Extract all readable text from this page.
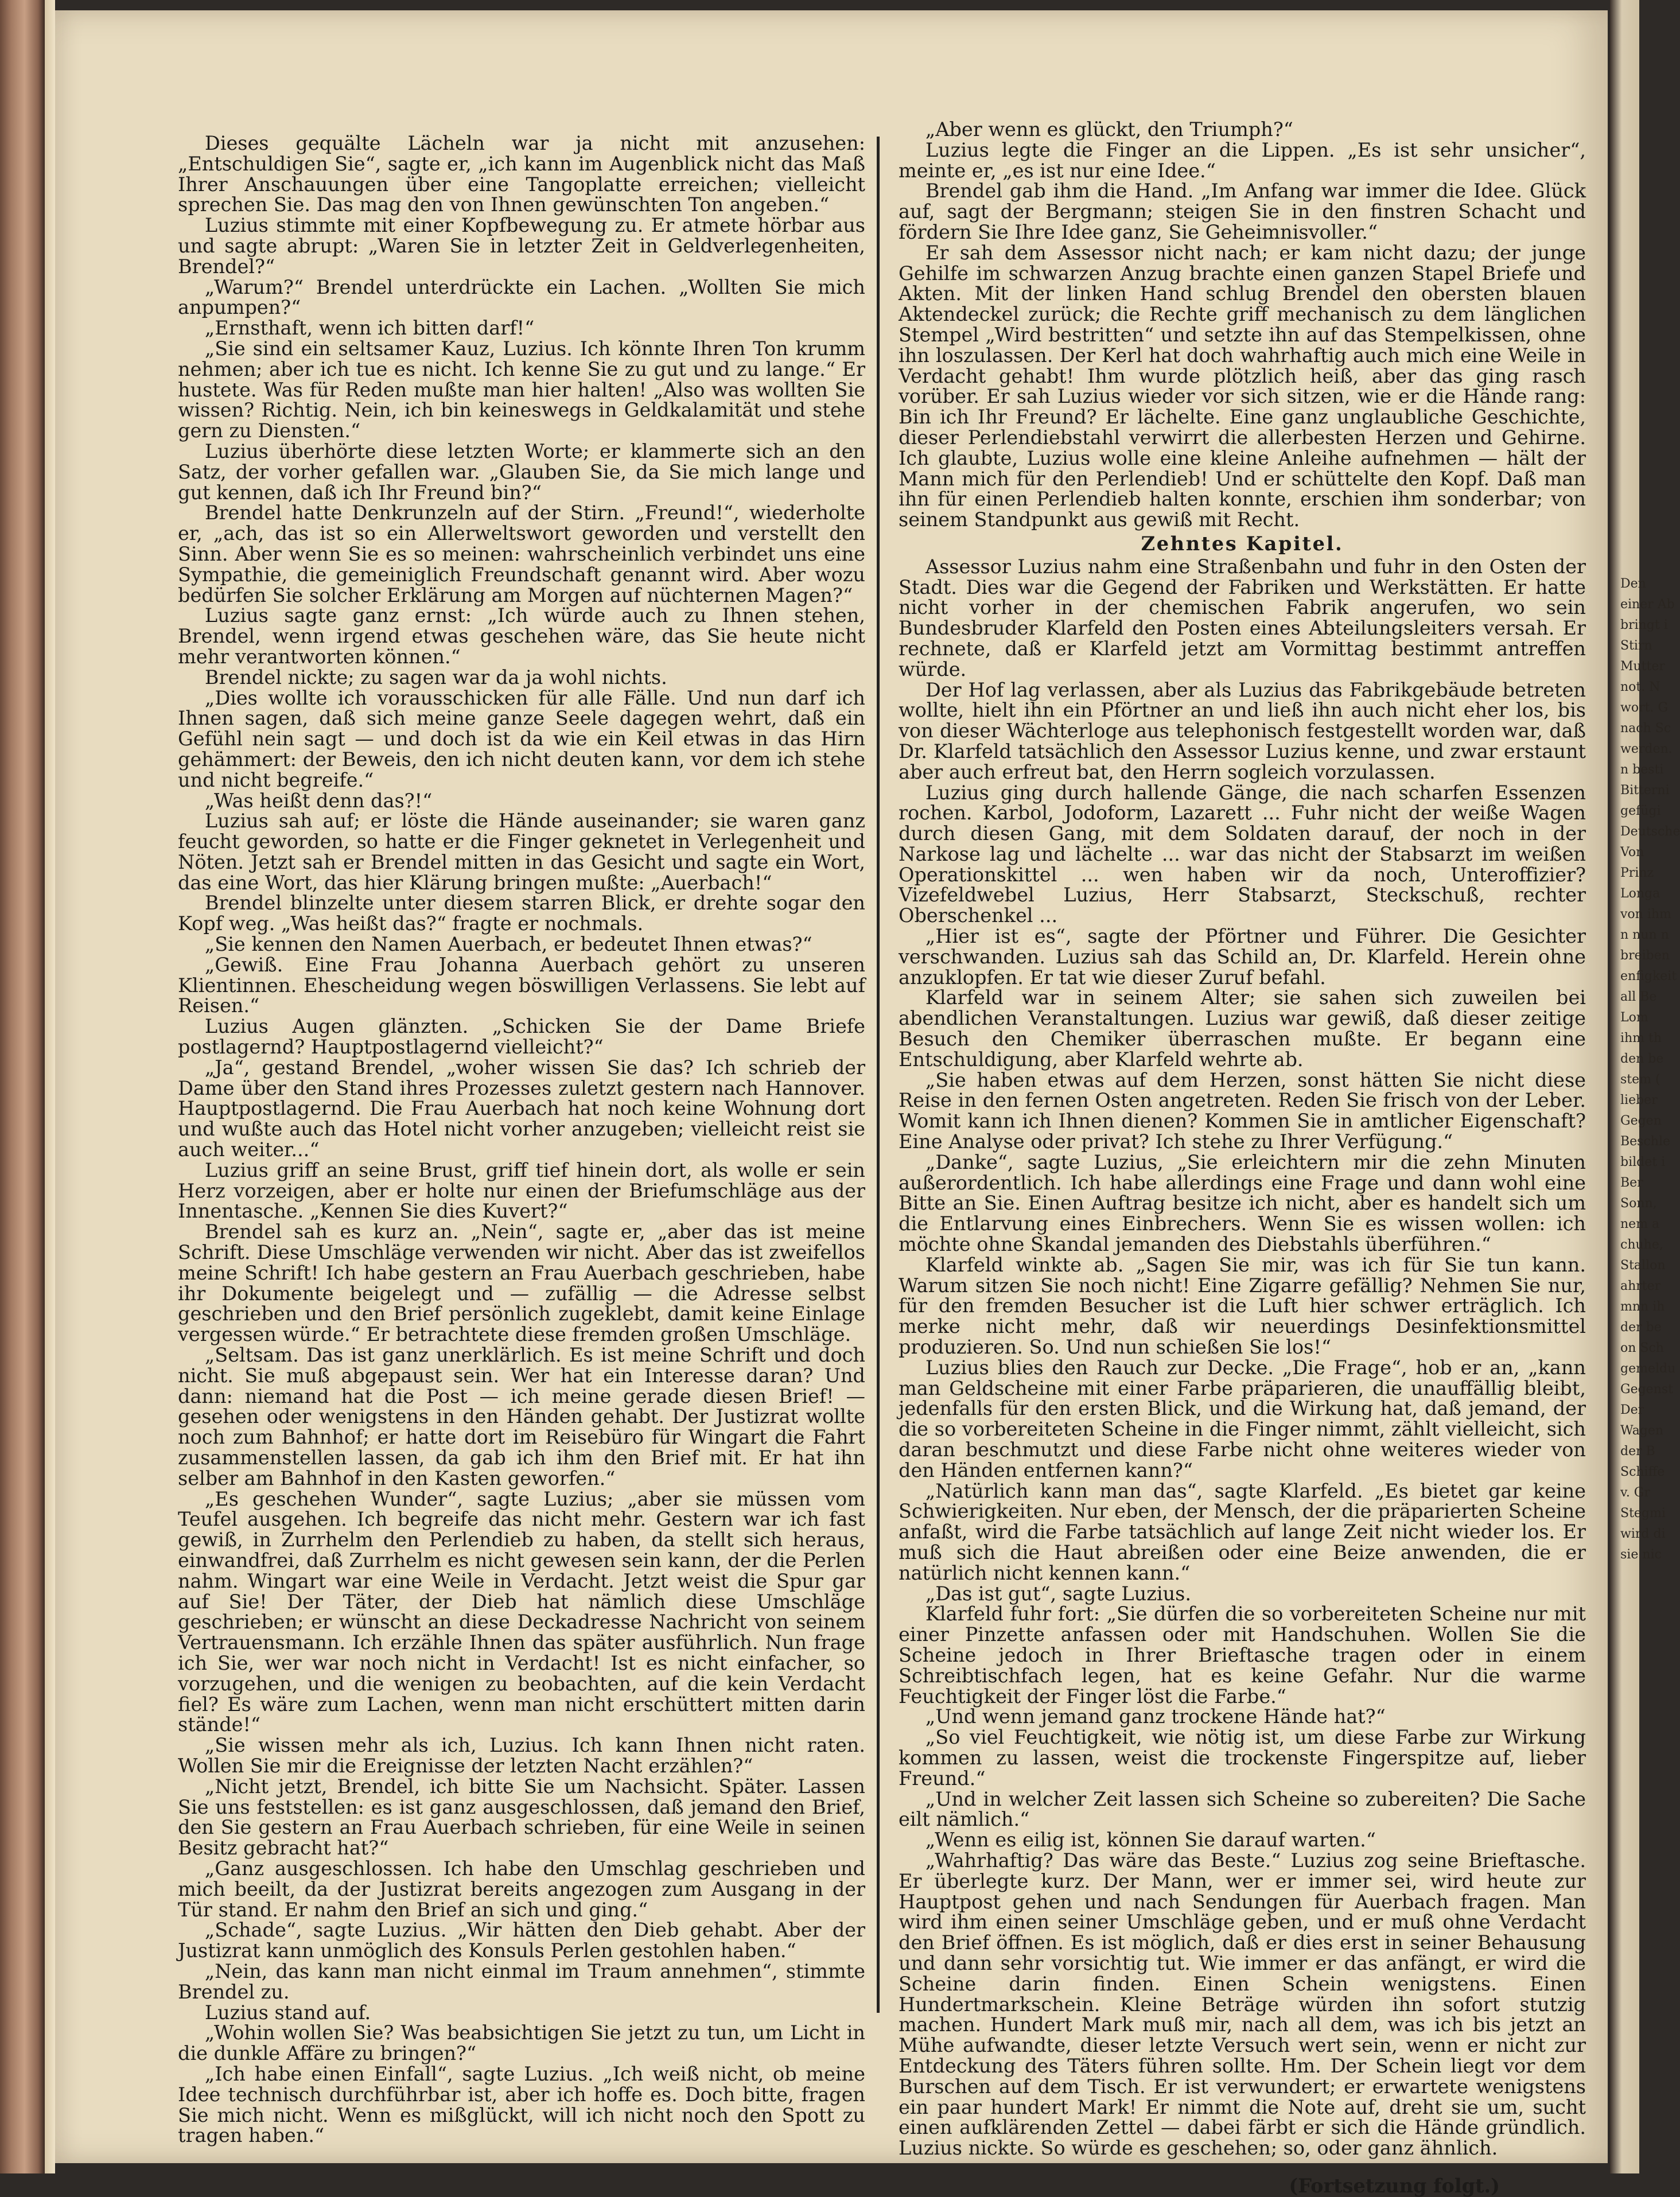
Dieses gequälte Lächeln war ja nicht mit anzusehen: „Entschuldigen Sie“, sagte er, „ich kann im Augenblick nicht das Maß Ihrer Anschauungen über eine Tangoplatte erreichen; vielleicht sprechen Sie. Das mag den von Ihnen gewünschten Ton angeben.“

Luzius stimmte mit einer Kopfbewegung zu. Er atmete hörbar aus und sagte abrupt: „Waren Sie in letzter Zeit in Geldverlegenheiten, Brendel?“

„Warum?“ Brendel unterdrückte ein Lachen. „Wollten Sie mich anpumpen?“

„Ernsthaft, wenn ich bitten darf!“

„Sie sind ein seltsamer Kauz, Luzius. Ich könnte Ihren Ton krumm nehmen; aber ich tue es nicht. Ich kenne Sie zu gut und zu lange.“ Er hustete. Was für Reden mußte man hier halten! „Also was wollten Sie wissen? Richtig. Nein, ich bin keineswegs in Geldkalamität und stehe gern zu Diensten.“

Luzius überhörte diese letzten Worte; er klammerte sich an den Satz, der vorher gefallen war. „Glauben Sie, da Sie mich lange und gut kennen, daß ich Ihr Freund bin?“

Brendel hatte Denkrunzeln auf der Stirn. „Freund!“, wiederholte er, „ach, das ist so ein Allerweltswort geworden und verstellt den Sinn. Aber wenn Sie es so meinen: wahrscheinlich verbindet uns eine Sympathie, die gemeiniglich Freundschaft genannt wird. Aber wozu bedürfen Sie solcher Erklärung am Morgen auf nüchternen Magen?“

Luzius sagte ganz ernst: „Ich würde auch zu Ihnen stehen, Brendel, wenn irgend etwas geschehen wäre, das Sie heute nicht mehr verantworten können.“

Brendel nickte; zu sagen war da ja wohl nichts.

„Dies wollte ich vorausschicken für alle Fälle. Und nun darf ich Ihnen sagen, daß sich meine ganze Seele dagegen wehrt, daß ein Gefühl nein sagt — und doch ist da wie ein Keil etwas in das Hirn gehämmert: der Beweis, den ich nicht deuten kann, vor dem ich stehe und nicht begreife.“

„Was heißt denn das?!“

Luzius sah auf; er löste die Hände auseinander; sie waren ganz feucht geworden, so hatte er die Finger geknetet in Verlegenheit und Nöten. Jetzt sah er Brendel mitten in das Gesicht und sagte ein Wort, das eine Wort, das hier Klärung bringen mußte: „Auerbach!“

Brendel blinzelte unter diesem starren Blick, er drehte sogar den Kopf weg. „Was heißt das?“ fragte er nochmals.

„Sie kennen den Namen Auerbach, er bedeutet Ihnen etwas?“

„Gewiß. Eine Frau Johanna Auerbach gehört zu unseren Klientinnen. Ehescheidung wegen böswilligen Verlassens. Sie lebt auf Reisen.“

Luzius Augen glänzten. „Schicken Sie der Dame Briefe postlagernd? Hauptpostlagernd vielleicht?“

„Ja“, gestand Brendel, „woher wissen Sie das? Ich schrieb der Dame über den Stand ihres Prozesses zuletzt gestern nach Hannover. Hauptpostlagernd. Die Frau Auerbach hat noch keine Wohnung dort und wußte auch das Hotel nicht vorher anzugeben; vielleicht reist sie auch weiter...“

Luzius griff an seine Brust, griff tief hinein dort, als wolle er sein Herz vorzeigen, aber er holte nur einen der Briefumschläge aus der Innentasche. „Kennen Sie dies Kuvert?“

Brendel sah es kurz an. „Nein“, sagte er, „aber das ist meine Schrift. Diese Umschläge verwenden wir nicht. Aber das ist zweifellos meine Schrift! Ich habe gestern an Frau Auerbach geschrieben, habe ihr Dokumente beigelegt und — zufällig — die Adresse selbst geschrieben und den Brief persönlich zugeklebt, damit keine Einlage vergessen würde.“ Er betrachtete diese fremden großen Umschläge.

„Seltsam. Das ist ganz unerklärlich. Es ist meine Schrift und doch nicht. Sie muß abgepaust sein. Wer hat ein Interesse daran? Und dann: niemand hat die Post — ich meine gerade diesen Brief! — gesehen oder wenigstens in den Händen gehabt. Der Justizrat wollte noch zum Bahnhof; er hatte dort im Reisebüro für Wingart die Fahrt zusammenstellen lassen, da gab ich ihm den Brief mit. Er hat ihn selber am Bahnhof in den Kasten geworfen.“

„Es geschehen Wunder“, sagte Luzius; „aber sie müssen vom Teufel ausgehen. Ich begreife das nicht mehr. Gestern war ich fast gewiß, in Zurrhelm den Perlendieb zu haben, da stellt sich heraus, einwandfrei, daß Zurrhelm es nicht gewesen sein kann, der die Perlen nahm. Wingart war eine Weile in Verdacht. Jetzt weist die Spur gar auf Sie! Der Täter, der Dieb hat nämlich diese Umschläge geschrieben; er wünscht an diese Deckadresse Nachricht von seinem Vertrauensmann. Ich erzähle Ihnen das später ausführlich. Nun frage ich Sie, wer war noch nicht in Verdacht! Ist es nicht einfacher, so vorzugehen, und die wenigen zu beobachten, auf die kein Verdacht fiel? Es wäre zum Lachen, wenn man nicht erschüttert mitten darin stände!“

„Sie wissen mehr als ich, Luzius. Ich kann Ihnen nicht raten. Wollen Sie mir die Ereignisse der letzten Nacht erzählen?“

„Nicht jetzt, Brendel, ich bitte Sie um Nachsicht. Später. Lassen Sie uns feststellen: es ist ganz ausgeschlossen, daß jemand den Brief, den Sie gestern an Frau Auerbach schrieben, für eine Weile in seinen Besitz gebracht hat?“

„Ganz ausgeschlossen. Ich habe den Umschlag geschrieben und mich beeilt, da der Justizrat bereits angezogen zum Ausgang in der Tür stand. Er nahm den Brief an sich und ging.“

„Schade“, sagte Luzius. „Wir hätten den Dieb gehabt. Aber der Justizrat kann unmöglich des Konsuls Perlen gestohlen haben.“

„Nein, das kann man nicht einmal im Traum annehmen“, stimmte Brendel zu.

Luzius stand auf.

„Wohin wollen Sie? Was beabsichtigen Sie jetzt zu tun, um Licht in die dunkle Affäre zu bringen?“

„Ich habe einen Einfall“, sagte Luzius. „Ich weiß nicht, ob meine Idee technisch durchführbar ist, aber ich hoffe es. Doch bitte, fragen Sie mich nicht. Wenn es mißglückt, will ich nicht noch den Spott zu tragen haben.“

„Aber wenn es glückt, den Triumph?“

Luzius legte die Finger an die Lippen. „Es ist sehr unsicher“, meinte er, „es ist nur eine Idee.“

Brendel gab ihm die Hand. „Im Anfang war immer die Idee. Glück auf, sagt der Bergmann; steigen Sie in den finstren Schacht und fördern Sie Ihre Idee ganz, Sie Geheimnisvoller.“

Er sah dem Assessor nicht nach; er kam nicht dazu; der junge Gehilfe im schwarzen Anzug brachte einen ganzen Stapel Briefe und Akten. Mit der linken Hand schlug Brendel den obersten blauen Aktendeckel zurück; die Rechte griff mechanisch zu dem länglichen Stempel „Wird bestritten“ und setzte ihn auf das Stempelkissen, ohne ihn loszulassen. Der Kerl hat doch wahrhaftig auch mich eine Weile in Verdacht gehabt! Ihm wurde plötzlich heiß, aber das ging rasch vorüber. Er sah Luzius wieder vor sich sitzen, wie er die Hände rang: Bin ich Ihr Freund? Er lächelte. Eine ganz unglaubliche Geschichte, dieser Perlendiebstahl verwirrt die allerbesten Herzen und Gehirne. Ich glaubte, Luzius wolle eine kleine Anleihe aufnehmen — hält der Mann mich für den Perlendieb! Und er schüttelte den Kopf. Daß man ihn für einen Perlendieb halten konnte, erschien ihm sonderbar; von seinem Standpunkt aus gewiß mit Recht.

Zehntes Kapitel.

Assessor Luzius nahm eine Straßenbahn und fuhr in den Osten der Stadt. Dies war die Gegend der Fabriken und Werkstätten. Er hatte nicht vorher in der chemischen Fabrik angerufen, wo sein Bundesbruder Klarfeld den Posten eines Abteilungsleiters versah. Er rechnete, daß er Klarfeld jetzt am Vormittag bestimmt antreffen würde.

Der Hof lag verlassen, aber als Luzius das Fabrikgebäude betreten wollte, hielt ihn ein Pförtner an und ließ ihn auch nicht eher los, bis von dieser Wächterloge aus telephonisch festgestellt worden war, daß Dr. Klarfeld tatsächlich den Assessor Luzius kenne, und zwar erstaunt aber auch erfreut bat, den Herrn sogleich vorzulassen.

Luzius ging durch hallende Gänge, die nach scharfen Essenzen rochen. Karbol, Jodoform, Lazarett ... Fuhr nicht der weiße Wagen durch diesen Gang, mit dem Soldaten darauf, der noch in der Narkose lag und lächelte ... war das nicht der Stabsarzt im weißen Operationskittel ... wen haben wir da noch, Unteroffizier? Vizefeldwebel Luzius, Herr Stabsarzt, Steckschuß, rechter Oberschenkel ...

„Hier ist es“, sagte der Pförtner und Führer. Die Gesichter verschwanden. Luzius sah das Schild an, Dr. Klarfeld. Herein ohne anzuklopfen. Er tat wie dieser Zuruf befahl.

Klarfeld war in seinem Alter; sie sahen sich zuweilen bei abendlichen Veranstaltungen. Luzius war gewiß, daß dieser zeitige Besuch den Chemiker überraschen mußte. Er begann eine Entschuldigung, aber Klarfeld wehrte ab.

„Sie haben etwas auf dem Herzen, sonst hätten Sie nicht diese Reise in den fernen Osten angetreten. Reden Sie frisch von der Leber. Womit kann ich Ihnen dienen? Kommen Sie in amtlicher Eigenschaft? Eine Analyse oder privat? Ich stehe zu Ihrer Verfügung.“

„Danke“, sagte Luzius, „Sie erleichtern mir die zehn Minuten außerordentlich. Ich habe allerdings eine Frage und dann wohl eine Bitte an Sie. Einen Auftrag besitze ich nicht, aber es handelt sich um die Entlarvung eines Einbrechers. Wenn Sie es wissen wollen: ich möchte ohne Skandal jemanden des Diebstahls überführen.“

Klarfeld winkte ab. „Sagen Sie mir, was ich für Sie tun kann. Warum sitzen Sie noch nicht! Eine Zigarre gefällig? Nehmen Sie nur, für den fremden Besucher ist die Luft hier schwer erträglich. Ich merke nicht mehr, daß wir neuerdings Desinfektionsmittel produzieren. So. Und nun schießen Sie los!“

Luzius blies den Rauch zur Decke. „Die Frage“, hob er an, „kann man Geldscheine mit einer Farbe präparieren, die unauffällig bleibt, jedenfalls für den ersten Blick, und die Wirkung hat, daß jemand, der die so vorbereiteten Scheine in die Finger nimmt, zählt vielleicht, sich daran beschmutzt und diese Farbe nicht ohne weiteres wieder von den Händen entfernen kann?“

„Natürlich kann man das“, sagte Klarfeld. „Es bietet gar keine Schwierigkeiten. Nur eben, der Mensch, der die präparierten Scheine anfaßt, wird die Farbe tatsächlich auf lange Zeit nicht wieder los. Er muß sich die Haut abreißen oder eine Beize anwenden, die er natürlich nicht kennen kann.“

„Das ist gut“, sagte Luzius.

Klarfeld fuhr fort: „Sie dürfen die so vorbereiteten Scheine nur mit einer Pinzette anfassen oder mit Handschuhen. Wollen Sie die Scheine jedoch in Ihrer Brieftasche tragen oder in einem Schreibtischfach legen, hat es keine Gefahr. Nur die warme Feuchtigkeit der Finger löst die Farbe.“

„Und wenn jemand ganz trockene Hände hat?“

„So viel Feuchtigkeit, wie nötig ist, um diese Farbe zur Wirkung kommen zu lassen, weist die trockenste Fingerspitze auf, lieber Freund.“

„Und in welcher Zeit lassen sich Scheine so zubereiten? Die Sache eilt nämlich.“

„Wenn es eilig ist, können Sie darauf warten.“

„Wahrhaftig? Das wäre das Beste.“ Luzius zog seine Brieftasche. Er überlegte kurz. Der Mann, wer er immer sei, wird heute zur Hauptpost gehen und nach Sendungen für Auerbach fragen. Man wird ihm einen seiner Umschläge geben, und er muß ohne Verdacht den Brief öffnen. Es ist möglich, daß er dies erst in seiner Behausung und dann sehr vorsichtig tut. Wie immer er das anfängt, er wird die Scheine darin finden. Einen Schein wenigstens. Einen Hundertmarkschein. Kleine Beträge würden ihn sofort stutzig machen. Hundert Mark muß mir, nach all dem, was ich bis jetzt an Mühe aufwandte, dieser letzte Versuch wert sein, wenn er nicht zur Entdeckung des Täters führen sollte. Hm. Der Schein liegt vor dem Burschen auf dem Tisch. Er ist verwundert; er erwartete wenigstens ein paar hundert Mark! Er nimmt die Note auf, dreht sie um, sucht einen aufklärenden Zettel — dabei färbt er sich die Hände gründlich. Luzius nickte. So würde es geschehen; so, oder ganz ähnlich.

(Fortsetzung folgt.)

Den
einer Ab
bringt i
Stirn
Mutter
not. N
wort. G
nach Sc
werden.
n besti
Bitterni
gefügi
Deutsche
Von
Prinz
Longa
von ihm
n nun n
breiben
enfigkeit
all Be
Lom
ihm th
den be
stem (
lieber
Gegen
Beschle
bildet i
Ber
Sonn,
nem a
chuhe,
Stallon
ahrter
mnn ih
der be
on Sch
gemeldu
Gegenst
Der
Wagen
der B
Schiffe
v. Gr
Stegmi
wird di
sie nic
